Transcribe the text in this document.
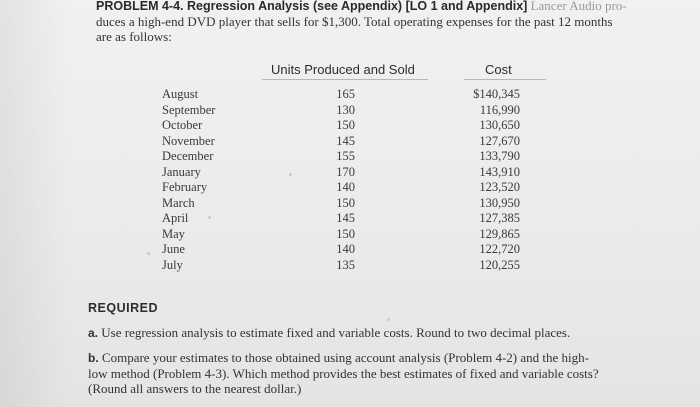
PROBLEM 4-4. Regression Analysis (see Appendix) [LO 1 and Appendix] Lancer Audio pro-
duces a high-end DVD player that sells for $1,300. Total operating expenses for the past 12 months
are as follows:
Units Produced and Sold	Cost
August	165	$140,345
September	130	116,990
October	150	130,650
November	145	127,670
December	155	133,790
January	170	143,910
February	140	123,520
March	150	130,950
April	145	127,385
May	150	129,865
June	140	122,720
July	135	120,255
REQUIRED
a. Use regression analysis to estimate fixed and variable costs. Round to two decimal places.
b. Compare your estimates to those obtained using account analysis (Problem 4-2) and the high-low method (Problem 4-3). Which method provides the best estimates of fixed and variable costs? (Round all answers to the nearest dollar.)
